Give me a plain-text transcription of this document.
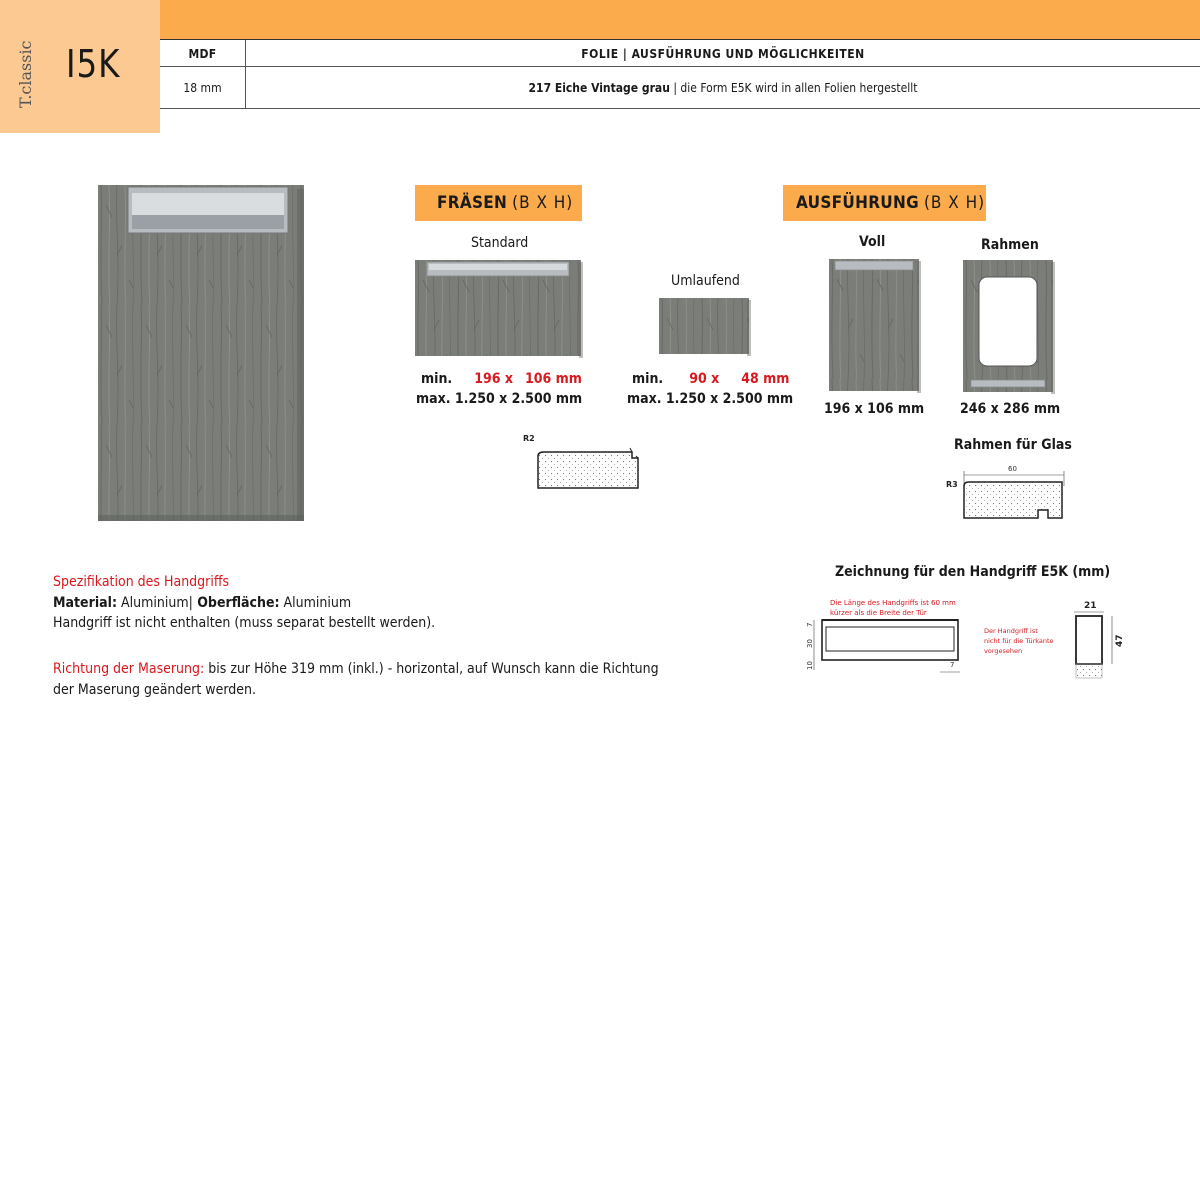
T.classic I5K	MDF	FOLIE | AUSFÜHRUNG UND MÖGLICHKEITEN
18 mm	217 Eiche Vintage grau | die Form E5K wird in allen Folien hergestellt
FRÄSEN (B X H)
Standard
min. 196 x 106 mm
max. 1.250 x 2.500 mm
Umlaufend
min. 90 x 48 mm
max. 1.250 x 2.500 mm
R2
AUSFÜHRUNG (B X H)
Voll
196 x 106 mm
Rahmen
246 x 286 mm
Rahmen für Glas
R3
60
Spezifikation des Handgriffs
Material: Aluminium| Oberfläche: Aluminium
Handgriff ist nicht enthalten (muss separat bestellt werden).
Richtung der Maserung: bis zur Höhe 319 mm (inkl.) - horizontal, auf Wunsch kann die Richtung
der Maserung geändert werden.
Zeichnung für den Handgriff E5K (mm)
Die Länge des Handgriffs ist 60 mm
kürzer als die Breite der Tür
Der Handgriff ist
nicht für die Türkante
vorgesehen
7
30
10	7
21
47
